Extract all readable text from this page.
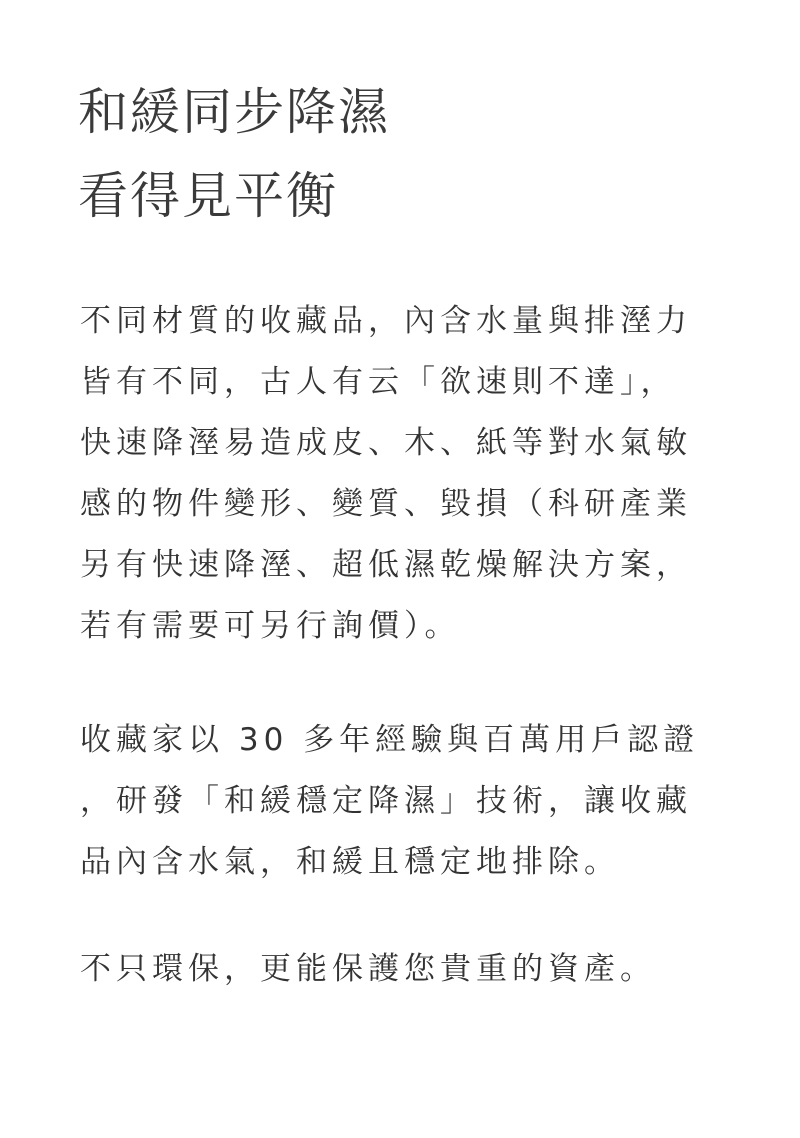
和緩同步降濕
看得見平衡
不同材質的收藏品，內含水量與排溼力
皆有不同，古人有云「欲速則不達」，
快速降溼易造成皮、木、紙等對水氣敏
感的物件變形、變質、毀損（科研產業
另有快速降溼、超低濕乾燥解決方案，
若有需要可另行詢價）。
收藏家以 30 多年經驗與百萬用戶認證
，研發「和緩穩定降濕」技術，讓收藏
品內含水氣，和緩且穩定地排除。
不只環保，更能保護您貴重的資產。
